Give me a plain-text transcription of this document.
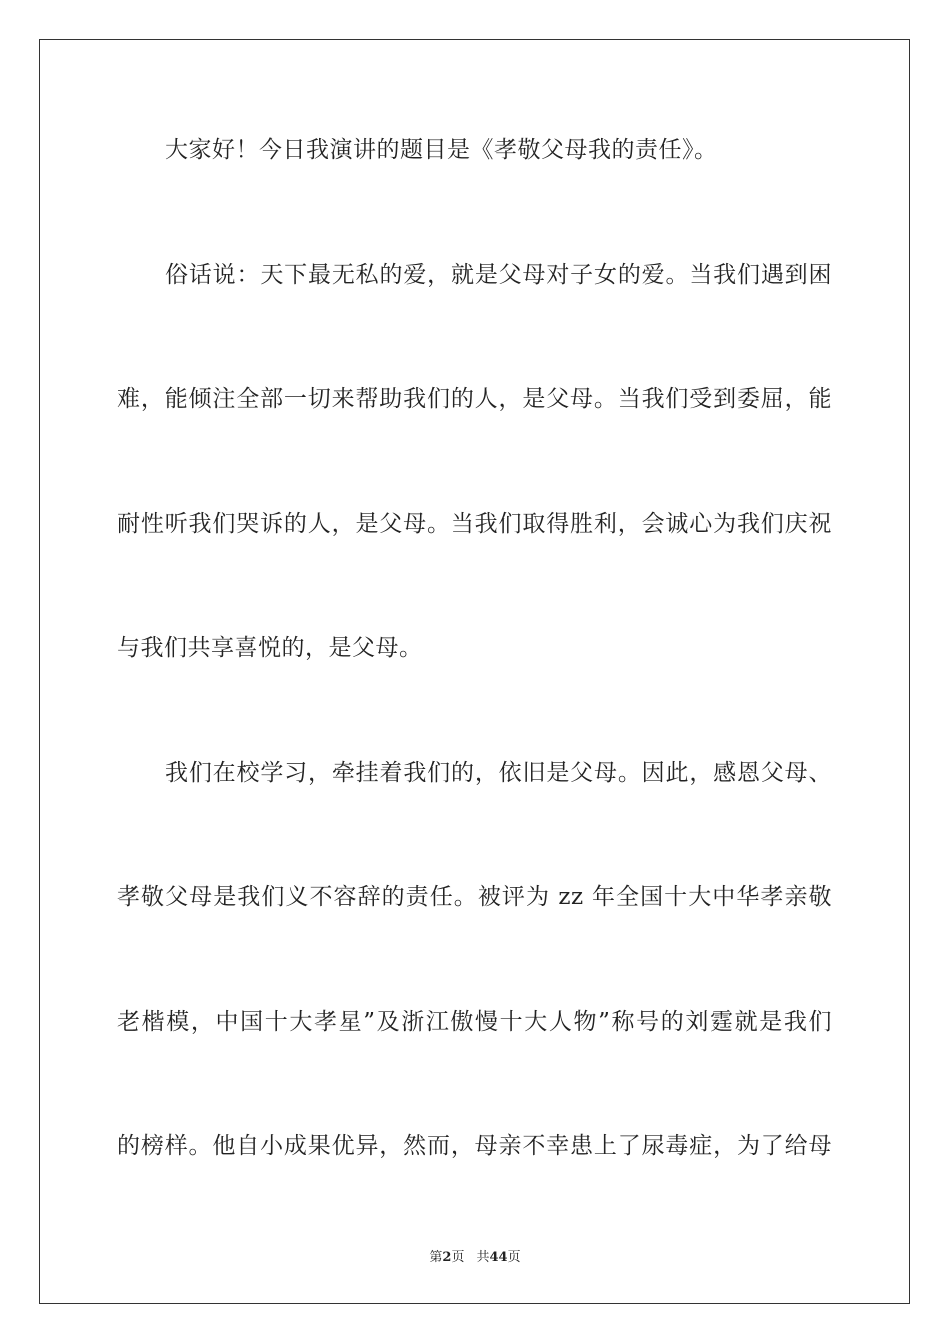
大家好！今日我演讲的题目是《孝敬父母我的责任》。
俗话说：天下最无私的爱，就是父母对子女的爱。当我们遇到困
难，能倾注全部一切来帮助我们的人，是父母。当我们受到委屈，能
耐性听我们哭诉的人，是父母。当我们取得胜利，会诚心为我们庆祝
与我们共享喜悦的，是父母。
我们在校学习，牵挂着我们的，依旧是父母。因此，感恩父母、
孝敬父母是我们义不容辞的责任。被评为 zz 年全国十大中华孝亲敬
老楷模，中国十大孝星”及浙江傲慢十大人物”称号的刘霆就是我们
的榜样。他自小成果优异，然而，母亲不幸患上了尿毒症，为了给母
第2页 共44页
